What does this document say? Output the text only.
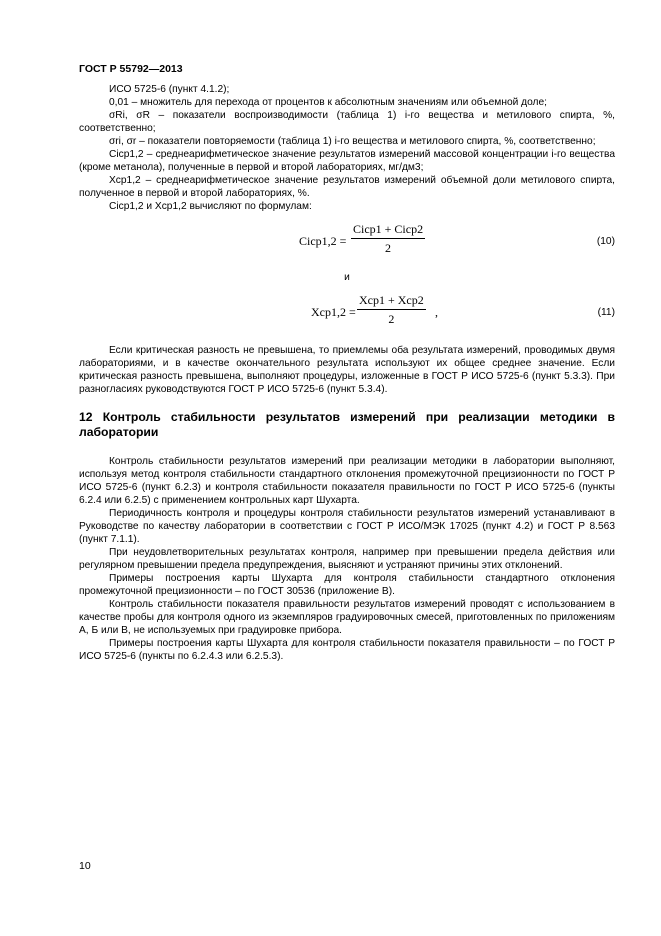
ГОСТ Р 55792—2013

ИСО 5725-6 (пункт 4.1.2);

0,01 – множитель для перехода от процентов к абсолютным значениям или объемной доле;

σRi, σR – показатели воспроизводимости (таблица 1) i-го вещества и метилового спирта, %, соответственно;

σri, σr – показатели повторяемости (таблица 1) i-го вещества и метилового спирта, %, соответственно;

Ciср1,2 – среднеарифметическое значение результатов измерений массовой концентрации i-го вещества (кроме метанола), полученные в первой и второй лабораториях, мг/дм3;

Xср1,2 – среднеарифметическое значение результатов измерений объемной доли метилового спирта, полученное в первой и второй лабораториях, %.

Ciср1,2 и Xср1,2 вычисляют по формулам:

Ciср1,2 =
Ciср1 + Ciср2
2	(10)

и

Xср1,2 =
Xср1 + Xср2
2	,	(11)

Если критическая разность не превышена, то приемлемы оба результата измерений, проводимых двумя лабораториями, и в качестве окончательного результата используют их общее среднее значение. Если критическая разность превышена, выполняют процедуры, изложенные в ГОСТ Р ИСО 5725-6 (пункт 5.3.3). При разногласиях руководствуются ГОСТ Р ИСО 5725-6 (пункт 5.3.4).

12 Контроль стабильности результатов измерений при реализации методики в лаборатории

Контроль стабильности результатов измерений при реализации методики в лаборатории выполняют, используя метод контроля стабильности стандартного отклонения промежуточной прецизионности по ГОСТ Р ИСО 5725-6 (пункт 6.2.3) и контроля стабильности показателя правильности по ГОСТ Р ИСО 5725-6 (пункты 6.2.4 или 6.2.5) с применением контрольных карт Шухарта.

Периодичность контроля и процедуры контроля стабильности результатов измерений устанавливают в Руководстве по качеству лаборатории в соответствии с ГОСТ Р ИСО/МЭК 17025 (пункт 4.2) и ГОСТ Р 8.563 (пункт 7.1.1).

При неудовлетворительных результатах контроля, например при превышении предела действия или регулярном превышении предела предупреждения, выясняют и устраняют причины этих отклонений.

Примеры построения карты Шухарта для контроля стабильности стандартного отклонения промежуточной прецизионности – по ГОСТ 30536 (приложение В).

Контроль стабильности показателя правильности результатов измерений проводят с использованием в качестве пробы для контроля одного из экземпляров градуировочных смесей, приготовленных по приложениям А, Б или В, не используемых при градуировке прибора.

Примеры построения карты Шухарта для контроля стабильности показателя правильности – по ГОСТ Р ИСО 5725-6 (пункты по 6.2.4.3 или 6.2.5.3).

10
